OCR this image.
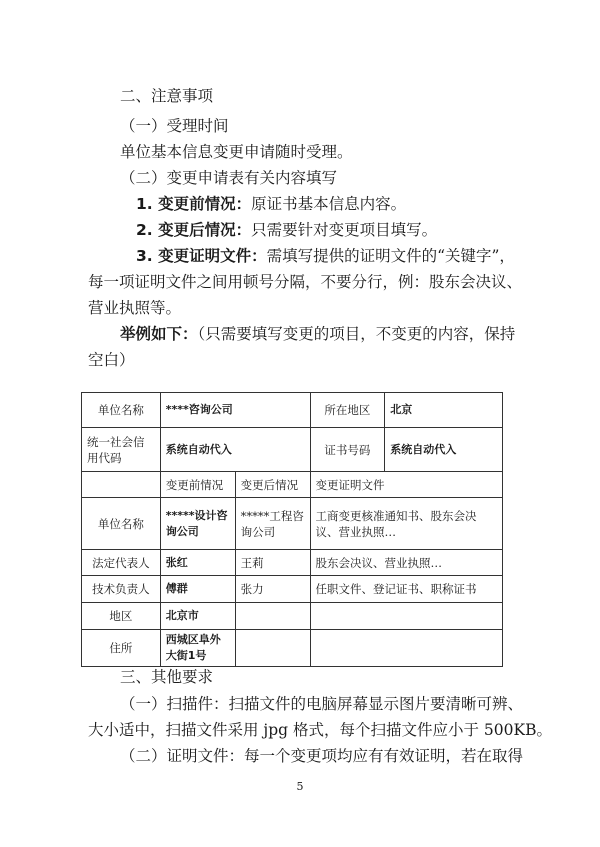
二、注意事项
（一）受理时间
单位基本信息变更申请随时受理。
（二）变更申请表有关内容填写
1. 变更前情况：原证书基本信息内容。
2. 变更后情况：只需要针对变更项目填写。
3. 变更证明文件：需填写提供的证明文件的“关键字”，
每一项证明文件之间用顿号分隔，不要分行，例：股东会决议、
营业执照等。
举例如下：（只需要填写变更的项目，不变更的内容，保持
空白）
单位名称	****咨询公司		所在地区	北京
统一社会信用代码	系统自动代入		证书号码	系统自动代入
	变更前情况	变更后情况	变更证明文件	
单位名称	*****设计咨询公司	*****工程咨询公司	工商变更核准通知书、股东会决议、营业执照…	
法定代表人	张红	王莉	股东会决议、营业执照…	
技术负责人	傅群	张力	任职文件、登记证书、职称证书	
地区	北京市			
住所	西城区阜外大街1号			
三、其他要求
（一）扫描件：扫描文件的电脑屏幕显示图片要清晰可辨、
大小适中，扫描文件采用 jpg 格式，每个扫描文件应小于 500KB。
（二）证明文件：每一个变更项均应有有效证明，若在取得
5
